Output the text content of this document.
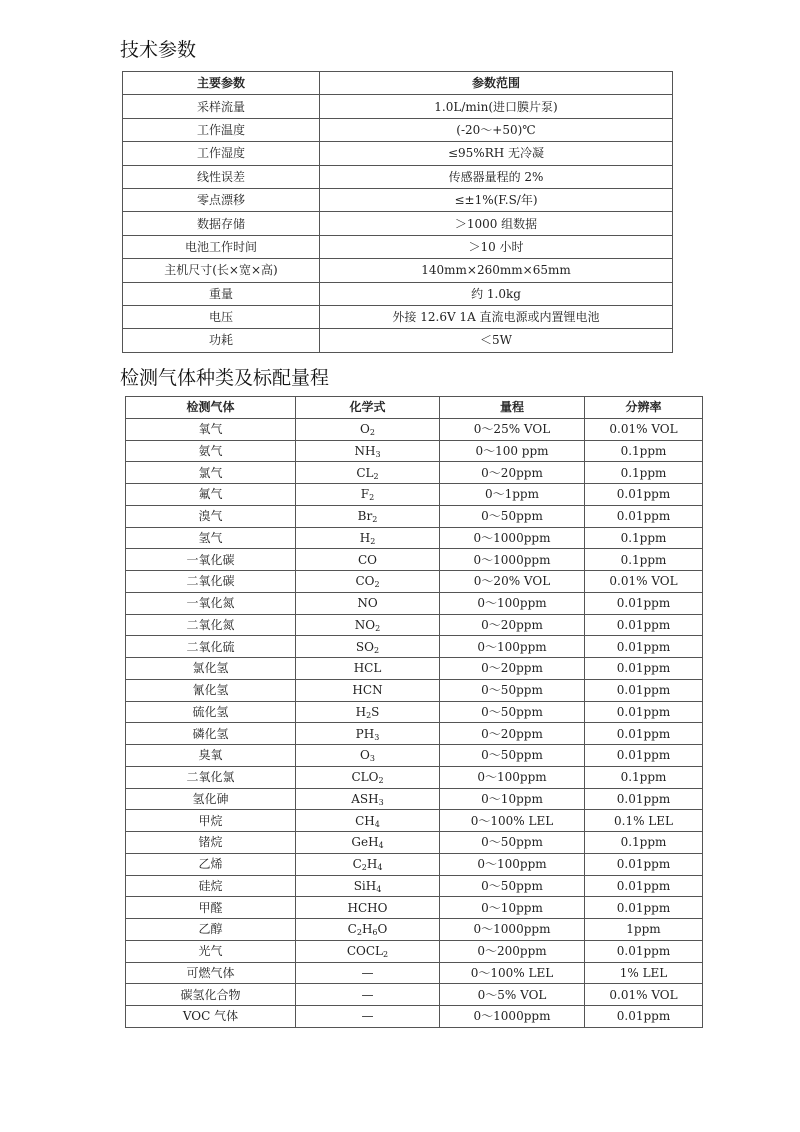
技术参数
主要参数	参数范围
采样流量	1.0L/min(进口膜片泵)
工作温度	(-20～+50)℃
工作湿度	≤95%RH 无冷凝
线性误差	传感器量程的 2%
零点漂移	≤±1%(F.S/年)
数据存储	＞1000 组数据
电池工作时间	＞10 小时
主机尺寸(长×宽×高)	140mm×260mm×65mm
重量	约 1.0kg
电压	外接 12.6V 1A 直流电源或内置锂电池
功耗	＜5W
检测气体种类及标配量程
检测气体	化学式	量程	分辨率
氧气	$O_2$	0～25% VOL	0.01% VOL
氨气	$NH_3$	0～100 ppm	0.1ppm
氯气	$CL_2$	0～20ppm	0.1ppm
氟气	$F_2$	0～1ppm	0.01ppm
溴气	$Br_2$	0～50ppm	0.01ppm
氢气	$H_2$	0～1000ppm	0.1ppm
一氧化碳	CO	0～1000ppm	0.1ppm
二氧化碳	$CO_2$	0～20% VOL	0.01% VOL
一氧化氮	NO	0～100ppm	0.01ppm
二氧化氮	$NO_2$	0～20ppm	0.01ppm
二氧化硫	$SO_2$	0～100ppm	0.01ppm
氯化氢	HCL	0～20ppm	0.01ppm
氰化氢	HCN	0～50ppm	0.01ppm
硫化氢	$H_2S$	0～50ppm	0.01ppm
磷化氢	$PH_3$	0～20ppm	0.01ppm
臭氧	$O_3$	0～50ppm	0.01ppm
二氧化氯	$CLO_2$	0～100ppm	0.1ppm
氢化砷	$ASH_3$	0～10ppm	0.01ppm
甲烷	$CH_4$	0～100% LEL	0.1% LEL
锗烷	GeH$_4$	0～50ppm	0.1ppm
乙烯	$C_2H_4$	0～100ppm	0.01ppm
硅烷	SiH$_4$	0～50ppm	0.01ppm
甲醛	HCHO	0～10ppm	0.01ppm
乙醇	$C_2H_6O$	0～1000ppm	1ppm
光气	$COCL_2$	0～200ppm	0.01ppm
可燃气体	—	0～100% LEL	1% LEL
碳氢化合物	—	0～5% VOL	0.01% VOL
VOC 气体	—	0～1000ppm	0.01ppm
